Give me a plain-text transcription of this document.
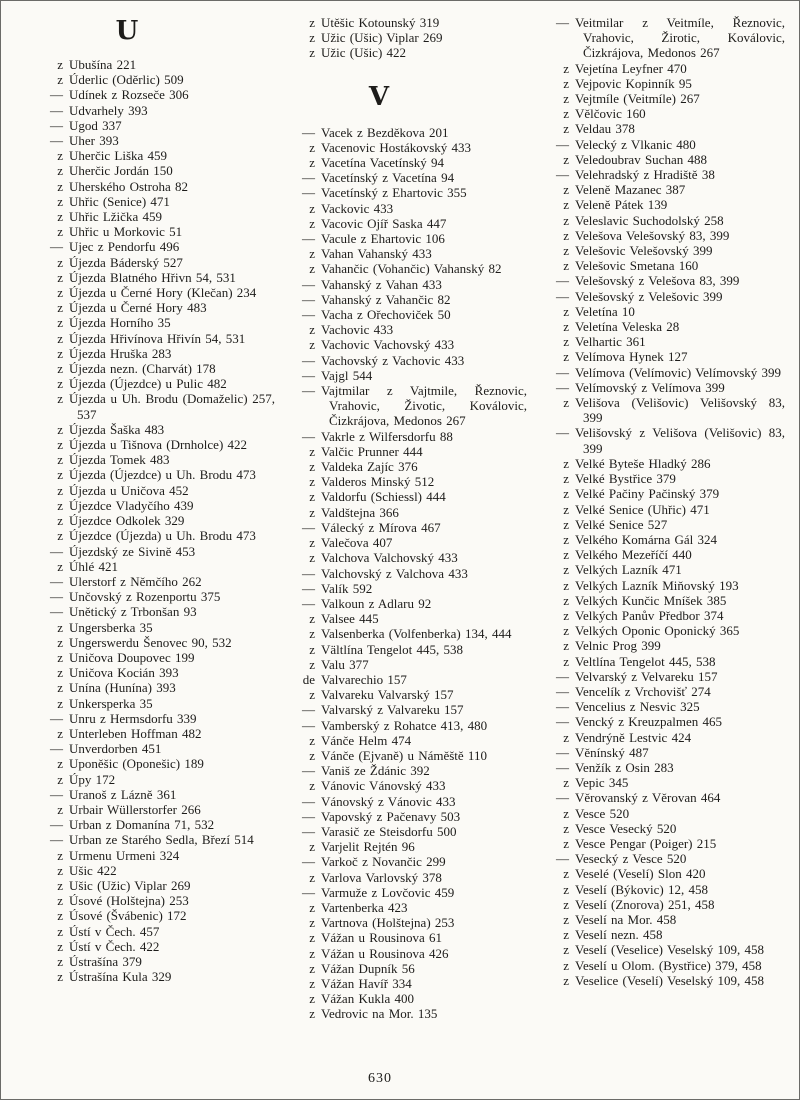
U
z Ubušína 221
z Úderlic (Oděrlic) 509
— Udínek z Rozseče 306
— Udvarhely 393
— Ugod 337
— Uher 393
z Uherčic Liška 459
z Uherčic Jordán 150
z Uherského Ostroha 82
z Uhřic (Senice) 471
z Uhřic Lžička 459
z Uhřic u Morkovic 51
— Ujec z Pendorfu 496
z Újezda Báderský 527
z Újezda Blatného Hřivn 54, 531
z Újezda u Černé Hory (Klečan) 234
z Újezda u Černé Hory 483
z Újezda Horního 35
z Újezda Hřivínova Hřivín 54, 531
z Újezda Hruška 283
z Újezda nezn. (Charvát) 178
z Újezda (Újezdce) u Pulic 482
z Újezda u Uh. Brodu (Domaželic) 257, 537
z Újezda Šaška 483
z Újezda u Tišnova (Drnholce) 422
z Újezda Tomek 483
z Újezda (Újezdce) u Uh. Brodu 473
z Újezda u Uničova 452
z Újezdce Vladyčího 439
z Újezdce Odkolek 329
z Újezdce (Újezda) u Uh. Brodu 473
— Újezdský ze Sivině 453
z Úhlé 421
— Ulerstorf z Němčího 262
— Unčovský z Rozenportu 375
— Unětický z Trbonšan 93
z Ungersberka 35
z Ungerswerdu Šenovec 90, 532
z Uničova Doupovec 199
z Uničova Kocián 393
z Unína (Hunína) 393
z Unkersperka 35
— Unru z Hermsdorfu 339
z Unterleben Hoffman 482
— Unverdorben 451
z Uponěšic (Oponešic) 189
z Úpy 172
— Uranoš z Lázně 361
z Urbair Wüllerstorfer 266
— Urban z Domanína 71, 532
— Urban ze Starého Sedla, Březí 514
z Urmenu Urmeni 324
z Ušic 422
z Ušic (Užic) Viplar 269
z Úsové (Holštejna) 253
z Úsové (Švábenic) 172
z Ústí v Čech. 457
z Ústí v Čech. 422
z Ústrašína 379
z Ústrašína Kula 329
z Utěšic Kotounský 319
z Užic (Ušic) Viplar 269
z Užic (Ušic) 422
V
— Vacek z Bezděkova 201
z Vacenovic Hostákovský 433
z Vacetína Vacetínský 94
— Vacetínský z Vacetína 94
— Vacetínský z Ehartovic 355
z Vackovic 433
z Vacovic Ojíř Saska 447
— Vacule z Ehartovic 106
z Vahan Vahanský 433
z Vahančic (Vohančic) Vahanský 82
— Vahanský z Vahan 433
— Vahanský z Vahančic 82
— Vacha z Ořechoviček 50
z Vachovic 433
z Vachovic Vachovský 433
— Vachovský z Vachovic 433
— Vajgl 544
— Vajtmilar z Vajtmile, Řeznovic, Vrahovic, Životic, Koválovic, Čizkrájova, Medonos 267
— Vakrle z Wilfersdorfu 88
z Valčic Prunner 444
z Valdeka Zajíc 376
z Valderos Minský 512
z Valdorfu (Schiessl) 444
z Valdštejna 366
— Válecký z Mírova 467
z Valečova 407
z Valchova Valchovský 433
— Valchovský z Valchova 433
— Valík 592
— Valkoun z Adlaru 92
z Valsee 445
z Valsenberka (Volfenberka) 134, 444
z Vältlína Tengelot 445, 538
z Valu 377
de Valvarechio 157
z Valvareku Valvarský 157
— Valvarský z Valvareku 157
— Vamberský z Rohatce 413, 480
z Vánče Helm 474
z Vánče (Ejvaně) u Náměště 110
— Vaniš ze Ždánic 392
z Vánovic Vánovský 433
— Vánovský z Vánovic 433
— Vapovský z Pačenavy 503
— Varasič ze Steisdorfu 500
z Varjelit Rejtén 96
— Varkoč z Novančic 299
z Varlova Varlovský 378
— Varmuže z Lovčovic 459
z Vartenberka 423
z Vartnova (Holštejna) 253
z Vážan u Rousinova 61
z Vážan u Rousinova 426
z Vážan Dupník 56
z Vážan Havíř 334
z Vážan Kukla 400
z Vedrovic na Mor. 135
— Veitmilar z Veitmíle, Řeznovic, Vrahovic, Žirotic, Koválovic, Čizkrájova, Medonos 267
z Vejetína Leyfner 470
z Vejpovic Kopinník 95
z Vejtmíle (Veitmíle) 267
z Vělčovic 160
z Veldau 378
— Velecký z Vlkanic 480
z Veledoubrav Suchan 488
— Velehradský z Hradiště 38
z Veleně Mazanec 387
z Veleně Pátek 139
z Veleslavic Suchodolský 258
z Velešova Velešovský 83, 399
z Velešovic Velešovský 399
z Velešovic Smetana 160
— Velešovský z Velešova 83, 399
— Velešovský z Velešovic 399
z Veletína 10
z Veletína Veleska 28
z Velhartic 361
z Velímova Hynek 127
— Velímova (Velímovic) Velímovský 399
— Velímovský z Velímova 399
z Velišova (Velišovic) Velišovský 83, 399
— Velišovský z Velišova (Velišovic) 83, 399
z Velké Byteše Hladký 286
z Velké Bystřice 379
z Velké Pačiny Pačinský 379
z Velké Senice (Uhřic) 471
z Velké Senice 527
z Velkého Komárna Gál 324
z Velkého Mezeříčí 440
z Velkých Lazník 471
z Velkých Lazník Miňovský 193
z Velkých Kunčic Mníšek 385
z Velkých Panův Předbor 374
z Velkých Oponic Oponický 365
z Velnic Prog 399
z Veltlína Tengelot 445, 538
— Velvarský z Velvareku 157
— Vencelík z Vrchovišť 274
— Vencelius z Nesvic 325
— Vencký z Kreuzpalmen 465
z Vendrýně Lestvic 424
— Věnínský 487
— Venžík z Osin 283
z Vepic 345
— Věrovanský z Věrovan 464
z Vesce 520
z Vesce Vesecký 520
z Vesce Pengar (Poiger) 215
— Vesecký z Vesce 520
z Veselé (Veselí) Slon 420
z Veselí (Býkovic) 12, 458
z Veselí (Znorova) 251, 458
z Veselí na Mor. 458
z Veselí nezn. 458
z Veselí (Veselice) Veselský 109, 458
z Veselí u Olom. (Bystřice) 379, 458
z Veselice (Veselí) Veselský 109, 458
630
